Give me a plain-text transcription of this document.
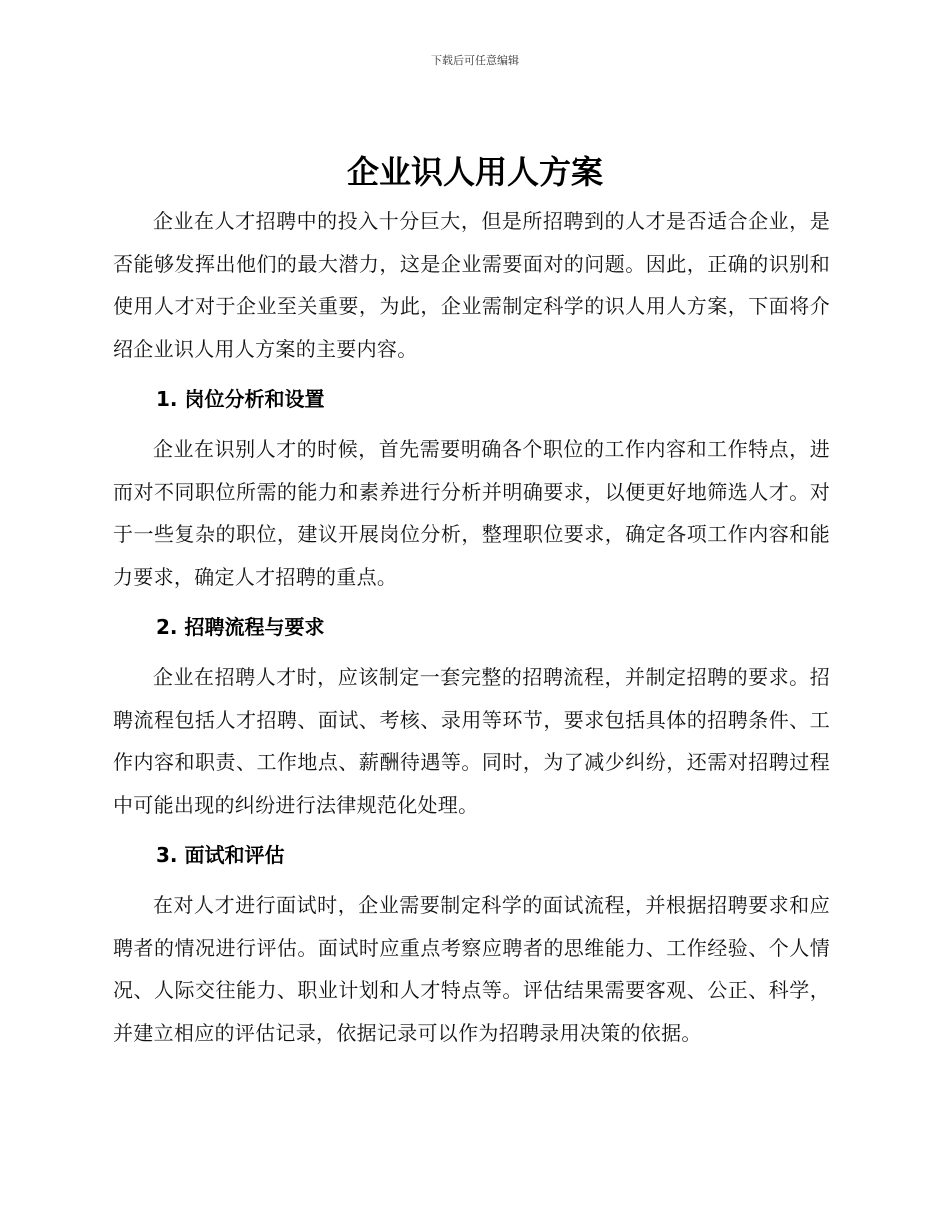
下载后可任意编辑
企业识人用人方案

企业在人才招聘中的投入十分巨大，但是所招聘到的人才是否适合企业，是否能够发挥出他们的最大潜力，这是企业需要面对的问题。因此，正确的识别和使用人才对于企业至关重要，为此，企业需制定科学的识人用人方案，下面将介绍企业识人用人方案的主要内容。

1. 岗位分析和设置

企业在识别人才的时候，首先需要明确各个职位的工作内容和工作特点，进而对不同职位所需的能力和素养进行分析并明确要求，以便更好地筛选人才。对于一些复杂的职位，建议开展岗位分析，整理职位要求，确定各项工作内容和能力要求，确定人才招聘的重点。

2. 招聘流程与要求

企业在招聘人才时，应该制定一套完整的招聘流程，并制定招聘的要求。招聘流程包括人才招聘、面试、考核、录用等环节，要求包括具体的招聘条件、工作内容和职责、工作地点、薪酬待遇等。同时，为了减少纠纷，还需对招聘过程中可能出现的纠纷进行法律规范化处理。

3. 面试和评估

在对人才进行面试时，企业需要制定科学的面试流程，并根据招聘要求和应聘者的情况进行评估。面试时应重点考察应聘者的思维能力、工作经验、个人情况、人际交往能力、职业计划和人才特点等。评估结果需要客观、公正、科学，并建立相应的评估记录，依据记录可以作为招聘录用决策的依据。
